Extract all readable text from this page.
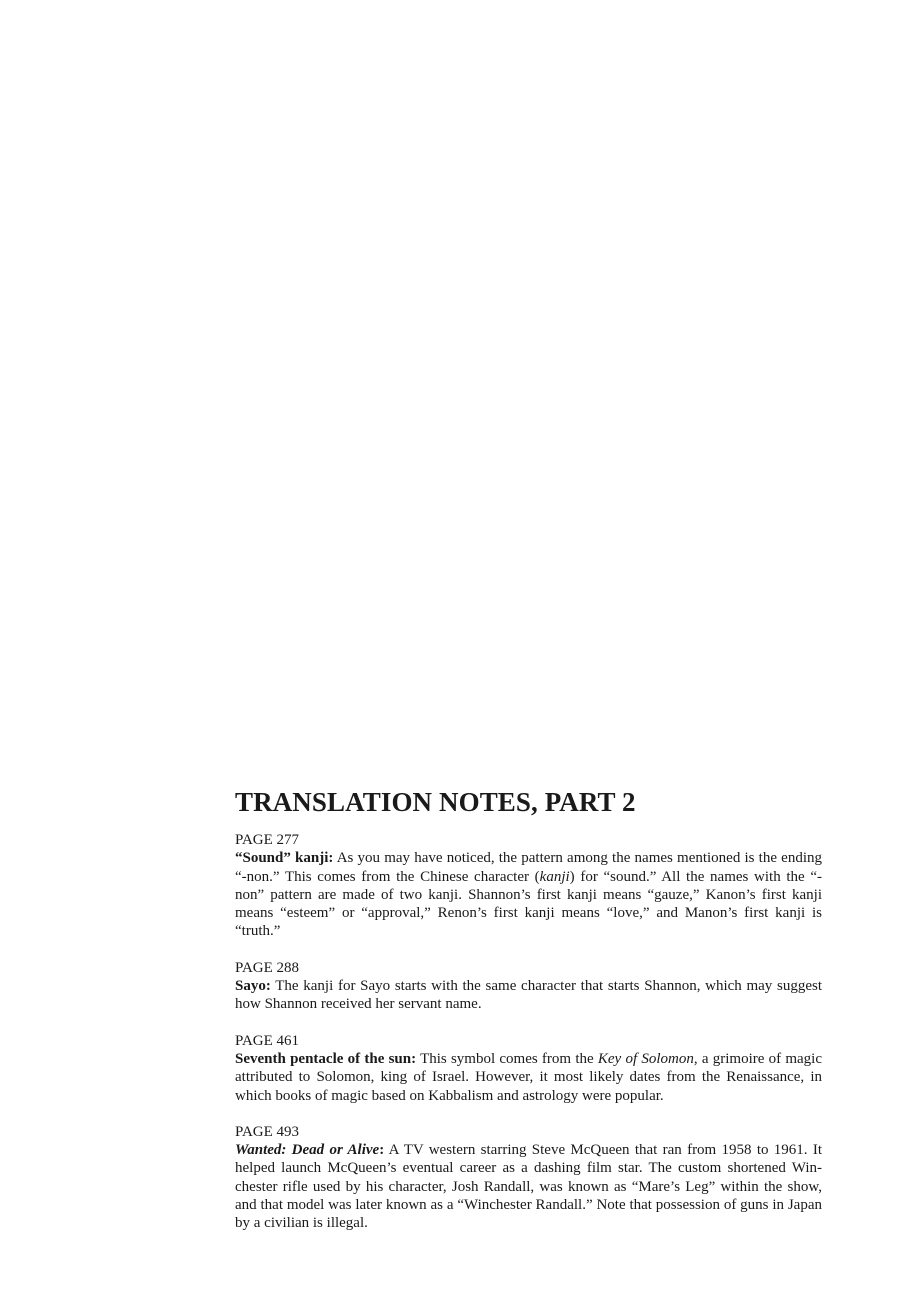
TRANSLATION NOTES, PART 2
PAGE 277
“Sound” kanji: As you may have noticed, the pattern among the names mentioned is the ending “-non.” This comes from the Chinese character (kanji) for “sound.” All the names with the “-non” pattern are made of two kanji. Shannon’s first kanji means “gauze,” Kanon’s first kanji means “esteem” or “approval,” Renon’s first kanji means “love,” and Manon’s first kanji is “truth.”
PAGE 288
Sayo: The kanji for Sayo starts with the same character that starts Shannon, which may suggest how Shannon received her servant name.
PAGE 461
Seventh pentacle of the sun: This symbol comes from the Key of Solomon, a grimoire of magic attributed to Solomon, king of Israel. However, it most likely dates from the Renaissance, in which books of magic based on Kabbalism and astrology were popular.
PAGE 493
Wanted: Dead or Alive: A TV western starring Steve McQueen that ran from 1958 to 1961. It helped launch McQueen’s eventual career as a dashing film star. The custom shortened Winchester rifle used by his character, Josh Randall, was known as “Mare’s Leg” within the show, and that model was later known as a “Winchester Randall.” Note that possession of guns in Japan by a civilian is illegal.
